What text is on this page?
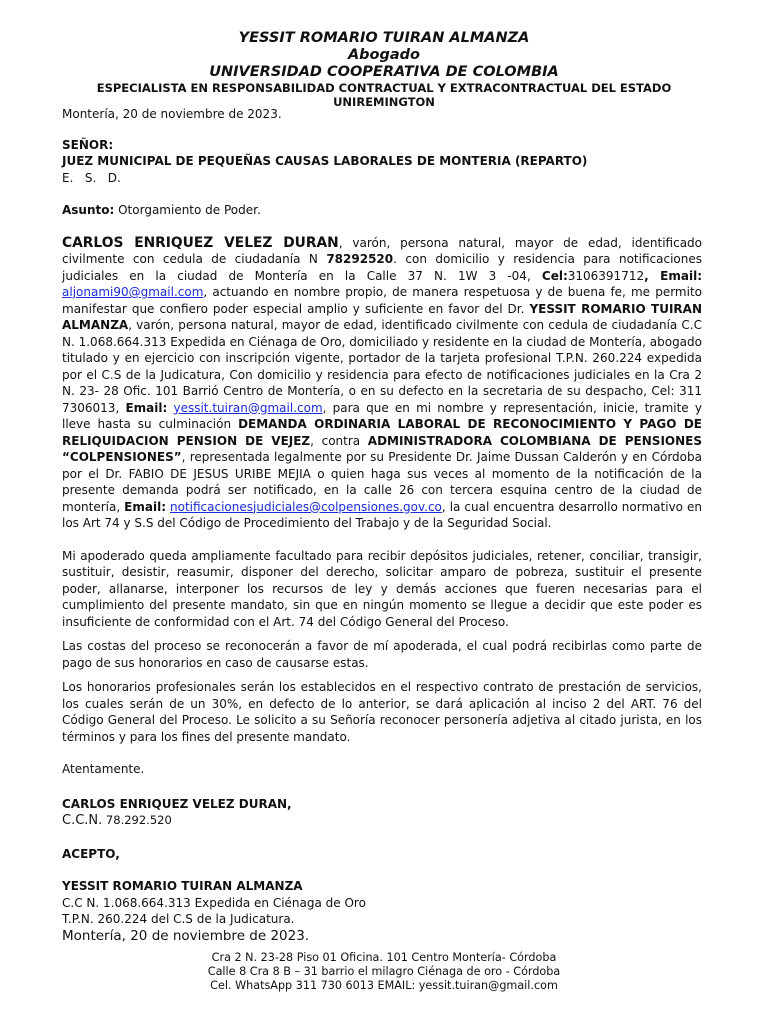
YESSIT ROMARIO TUIRAN ALMANZA
Abogado
UNIVERSIDAD COOPERATIVA DE COLOMBIA
ESPECIALISTA EN RESPONSABILIDAD CONTRACTUAL Y EXTRACONTRACTUAL DEL ESTADO
UNIREMINGTON

Montería, 20 de noviembre de 2023.

SEÑOR:

JUEZ MUNICIPAL DE PEQUEÑAS CAUSAS LABORALES DE MONTERIA (REPARTO)

E.   S.   D.

Asunto: Otorgamiento de Poder.

CARLOS ENRIQUEZ VELEZ DURAN, varón, persona natural, mayor de edad, identificado civilmente con cedula de ciudadanía N 78292520. con domicilio y residencia para notificaciones judiciales en la ciudad de Montería en la Calle 37 N. 1W 3 -04, Cel:3106391712, Email: aljonami90@gmail.com, actuando en nombre propio, de manera respetuosa y de buena fe, me permito manifestar que confiero poder especial amplio y suficiente en favor del Dr. YESSIT ROMARIO TUIRAN ALMANZA, varón, persona natural, mayor de edad, identificado civilmente con cedula de ciudadanía C.C N. 1.068.664.313 Expedida en Ciénaga de Oro, domiciliado y residente en la ciudad de Montería, abogado titulado y en ejercicio con inscripción vigente, portador de la tarjeta profesional T.P.N. 260.224 expedida por el C.S de la Judicatura, Con domicilio y residencia para efecto de notificaciones judiciales en la Cra 2 N. 23- 28 Ofic. 101 Barrió Centro de Montería, o en su defecto en la secretaria de su despacho, Cel: 311 7306013, Email: yessit.tuiran@gmail.com, para que en mi nombre y representación, inicie, tramite y lleve hasta su culminación DEMANDA ORDINARIA LABORAL DE RECONOCIMIENTO Y PAGO DE RELIQUIDACION PENSION DE VEJEZ, contra ADMINISTRADORA COLOMBIANA DE PENSIONES “COLPENSIONES”, representada legalmente por su Presidente Dr. Jaime Dussan Calderón y en Córdoba por el Dr. FABIO DE JESUS URIBE MEJIA o quien haga sus veces al momento de la notificación de la presente demanda podrá ser notificado, en la calle 26 con tercera esquina centro de la ciudad de montería, Email: notificacionesjudiciales@colpensiones.gov.co, la cual encuentra desarrollo normativo en los Art 74 y S.S del Código de Procedimiento del Trabajo y de la Seguridad Social.

Mi apoderado queda ampliamente facultado para recibir depósitos judiciales, retener, conciliar, transigir, sustituir, desistir, reasumir, disponer del derecho, solicitar amparo de pobreza, sustituir el presente poder, allanarse, interponer los recursos de ley y demás acciones que fueren necesarias para el cumplimiento del presente mandato, sin que en ningún momento se llegue a decidir que este poder es insuficiente de conformidad con el Art. 74 del Código General del Proceso.

Las costas del proceso se reconocerán a favor de mí apoderada, el cual podrá recibirlas como parte de pago de sus honorarios en caso de causarse estas.

Los honorarios profesionales serán los establecidos en el respectivo contrato de prestación de servicios, los cuales serán de un 30%, en defecto de lo anterior, se dará aplicación al inciso 2 del ART. 76 del Código General del Proceso. Le solicito a su Señoría reconocer personería adjetiva al citado jurista, en los términos y para los fines del presente mandato.

Atentamente.

CARLOS ENRIQUEZ VELEZ DURAN,

C.C.N. 78.292.520

ACEPTO,

YESSIT ROMARIO TUIRAN ALMANZA

C.C N. 1.068.664.313 Expedida en Ciénaga de Oro

T.P.N. 260.224 del C.S de la Judicatura.

Montería, 20 de noviembre de 2023.
Cra 2 N. 23-28 Piso 01 Oficina. 101 Centro Montería- Córdoba
Calle 8 Cra 8 B – 31 barrio el milagro Ciénaga de oro - Córdoba
Cel. WhatsApp 311 730 6013 EMAIL: yessit.tuiran@gmail.com
